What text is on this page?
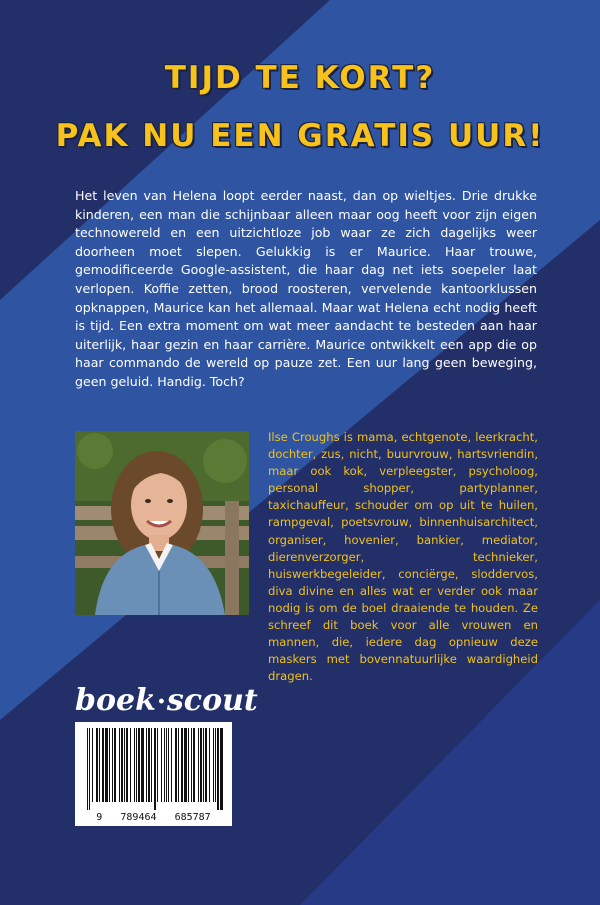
TIJD TE KORT?
PAK NU EEN GRATIS UUR!

Het leven van Helena loopt eerder naast, dan op wieltjes. Drie drukke kinderen, een man die schijnbaar alleen maar oog heeft voor zijn eigen technowereld en een uitzichtloze job waar ze zich dagelijks weer doorheen moet slepen. Gelukkig is er Maurice. Haar trouwe, gemodificeerde Google-assistent, die haar dag net iets soepeler laat verlopen. Koffie zetten, brood roosteren, vervelende kantoorklussen opknappen, Maurice kan het allemaal. Maar wat Helena echt nodig heeft is tijd. Een extra moment om wat meer aandacht te besteden aan haar uiterlijk, haar gezin en haar carrière. Maurice ontwikkelt een app die op haar commando de wereld op pauze zet. Een uur lang geen beweging, geen geluid. Handig. Toch?

Ilse Croughs is mama, echtgenote, leerkracht, dochter, zus, nicht, buurvrouw, hartsvriendin, maar ook kok, verpleegster, psycholoog, personal shopper, partyplanner, taxichauffeur, schouder om op uit te huilen, rampgeval, poetsvrouw, binnenhuisarchitect, organiser, hovenier, bankier, mediator, dierenverzorger, technieker, huiswerkbegeleider, conciërge, sloddervos, diva divine en alles wat er verder ook maar nodig is om de boel draaiende te houden. Ze schreef dit boek voor alle vrouwen en mannen, die, iedere dag opnieuw deze maskers met bovennatuurlijke waardigheid dragen.

boek·scout
9   789464   685787
